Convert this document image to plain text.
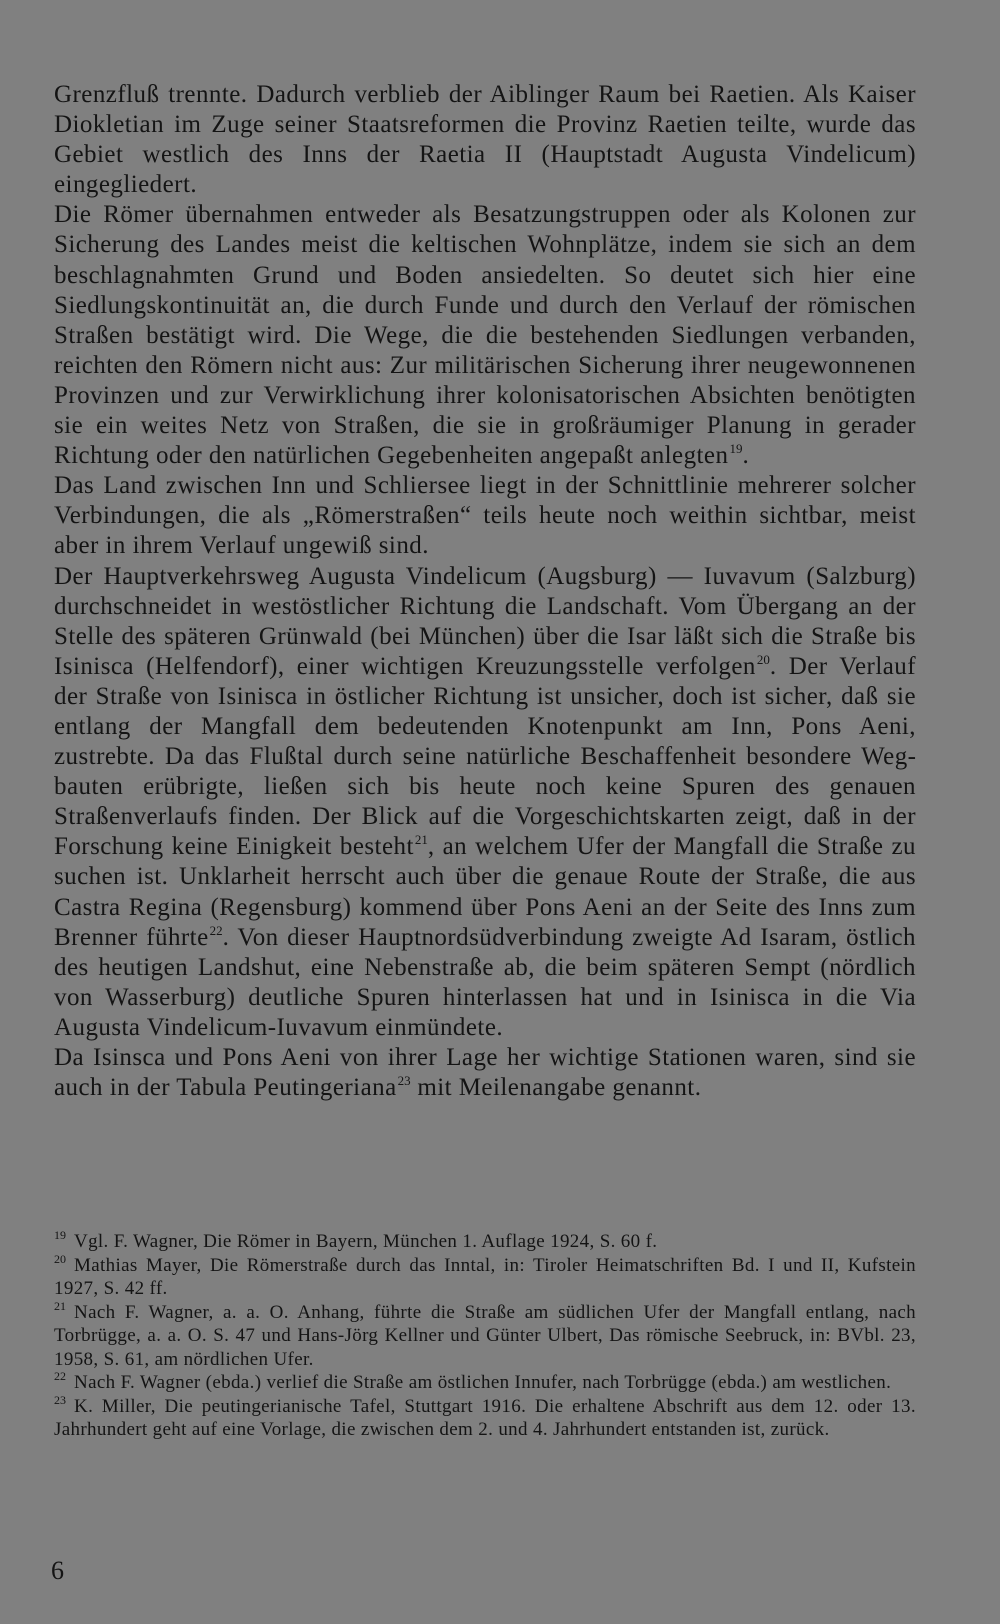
Grenzfluß trennte. Dadurch verblieb der Aiblinger Raum bei Raetien. Als Kaiser Diokletian im Zuge seiner Staatsreformen die Provinz Raetien teilte, wurde das Gebiet westlich des Inns der Raetia II (Hauptstadt Augusta Vindelicum) eingegliedert.

Die Römer übernahmen entweder als Besatzungstruppen oder als Kolonen zur Sicherung des Landes meist die keltischen Wohnplätze, indem sie sich an dem beschlagnahmten Grund und Boden ansiedelten. So deutet sich hier eine Siedlungskontinuität an, die durch Funde und durch den Verlauf der römischen Straßen bestätigt wird. Die Wege, die die bestehenden Siedlungen verbanden, reichten den Römern nicht aus: Zur militärischen Sicherung ihrer neugewonnenen Provinzen und zur Verwirklichung ihrer kolonisatorischen Absichten benötigten sie ein weites Netz von Straßen, die sie in großräumiger Planung in gerader Richtung oder den natürlichen Gegebenheiten angepaßt anlegten$^{19}$.

Das Land zwischen Inn und Schliersee liegt in der Schnittlinie mehrerer solcher Verbindungen, die als „Römerstraßen“ teils heute noch weithin sichtbar, meist aber in ihrem Verlauf ungewiß sind.

Der Hauptverkehrsweg Augusta Vindelicum (Augsburg) — Iuvavum (Salzburg) durchschneidet in westöstlicher Richtung die Landschaft. Vom Übergang an der Stelle des späteren Grünwald (bei München) über die Isar läßt sich die Straße bis Isinisca (Helfendorf), einer wichtigen Kreuzungsstelle verfolgen$^{20}$. Der Verlauf der Straße von Isinisca in östlicher Richtung ist unsicher, doch ist sicher, daß sie entlang der Mangfall dem bedeutenden Knotenpunkt am Inn, Pons Aeni, zustrebte. Da das Flußtal durch seine natürliche Beschaffenheit besondere Wegbauten erübrigte, ließen sich bis heute noch keine Spuren des genauen Straßenverlaufs finden. Der Blick auf die Vorgeschichtskarten zeigt, daß in der Forschung keine Einigkeit besteht$^{21}$, an welchem Ufer der Mangfall die Straße zu suchen ist. Unklarheit herrscht auch über die genaue Route der Straße, die aus Castra Regina (Regensburg) kommend über Pons Aeni an der Seite des Inns zum Brenner führte$^{22}$. Von dieser Hauptnordsüdverbindung zweigte Ad Isaram, östlich des heutigen Landshut, eine Nebenstraße ab, die beim späteren Sempt (nördlich von Wasserburg) deutliche Spuren hinterlassen hat und in Isinisca in die Via Augusta Vindelicum-Iuvavum einmündete.

Da Isinsca und Pons Aeni von ihrer Lage her wichtige Stationen waren, sind sie auch in der Tabula Peutingeriana$^{23}$ mit Meilenangabe genannt.

$^{19}$ Vgl. F. Wagner, Die Römer in Bayern, München 1. Auflage 1924, S. 60 f.

$^{20}$ Mathias Mayer, Die Römerstraße durch das Inntal, in: Tiroler Heimatschriften Bd. I und II, Kufstein 1927, S. 42 ff.

$^{21}$ Nach F. Wagner, a. a. O. Anhang, führte die Straße am südlichen Ufer der Mangfall entlang, nach Torbrügge, a. a. O. S. 47 und Hans-Jörg Kellner und Günter Ulbert, Das römische Seebruck, in: BVbl. 23, 1958, S. 61, am nördlichen Ufer.

$^{22}$ Nach F. Wagner (ebda.) verlief die Straße am östlichen Innufer, nach Torbrügge (ebda.) am westlichen.

$^{23}$ K. Miller, Die peutingerianische Tafel, Stuttgart 1916. Die erhaltene Abschrift aus dem 12. oder 13. Jahrhundert geht auf eine Vorlage, die zwischen dem 2. und 4. Jahrhundert entstanden ist, zurück.

6
